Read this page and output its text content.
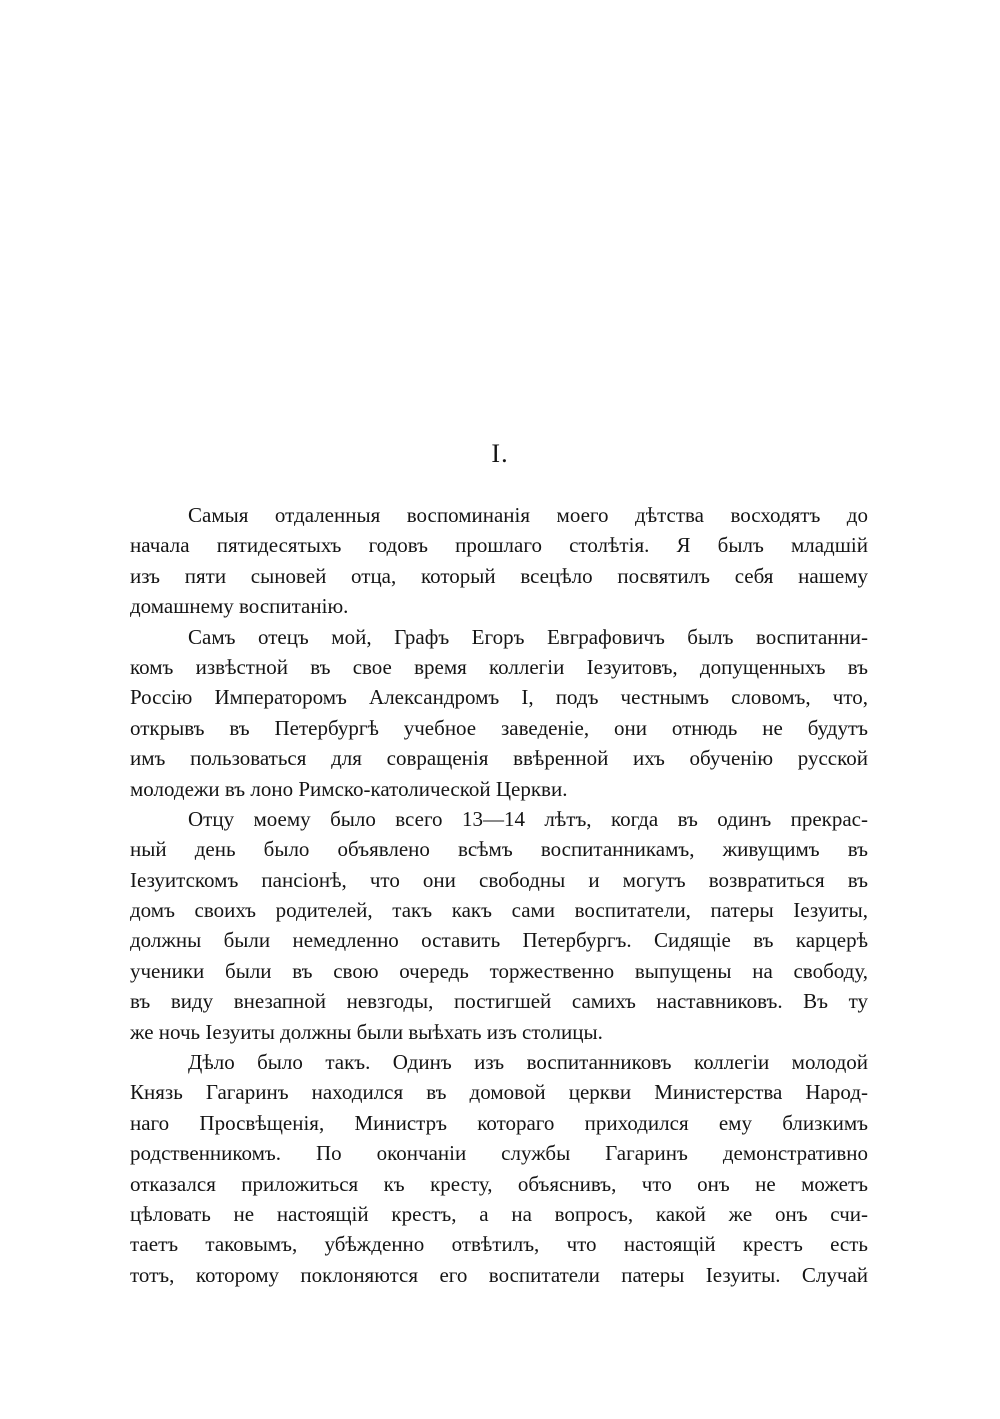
I.
Самыя отдаленныя воспоминанія моего дѣтства восходятъ до
начала пятидесятыхъ годовъ прошлаго столѣтія. Я былъ младшій
изъ пяти сыновей отца, который всецѣло посвятилъ себя нашему
домашнему воспитанію.
Самъ отецъ мой, Графъ Егоръ Евграфовичъ былъ воспитанни-
комъ извѣстной въ свое время коллегіи Іезуитовъ, допущенныхъ въ
Россію Императоромъ Александромъ I, подъ честнымъ словомъ, что,
открывъ въ Петербургѣ учебное заведеніе, они отнюдь не будутъ
имъ пользоваться для совращенія ввѣренной ихъ обученію русской
молодежи въ лоно Римско-католической Церкви.
Отцу моему было всего 13—14 лѣтъ, когда въ одинъ прекрас-
ный день было объявлено всѣмъ воспитанникамъ, живущимъ въ
Іезуитскомъ пансіонѣ, что они свободны и могутъ возвратиться въ
домъ своихъ родителей, такъ какъ сами воспитатели, патеры Іезуиты,
должны были немедленно оставить Петербургъ. Сидящіе въ карцерѣ
ученики были въ свою очередь торжественно выпущены на свободу,
въ виду внезапной невзгоды, постигшей самихъ наставниковъ. Въ ту
же ночь Іезуиты должны были выѣхать изъ столицы.
Дѣло было такъ. Одинъ изъ воспитанниковъ коллегіи молодой
Князь Гагаринъ находился въ домовой церкви Министерства Народ-
наго Просвѣщенія, Министръ котораго приходился ему близкимъ
родственникомъ. По окончаніи службы Гагаринъ демонстративно
отказался приложиться къ кресту, объяснивъ, что онъ не можетъ
цѣловать не настоящій крестъ, а на вопросъ, какой же онъ счи-
таетъ таковымъ, убѣжденно отвѣтилъ, что настоящій крестъ есть
тотъ, которому поклоняются его воспитатели патеры Іезуиты. Случай
